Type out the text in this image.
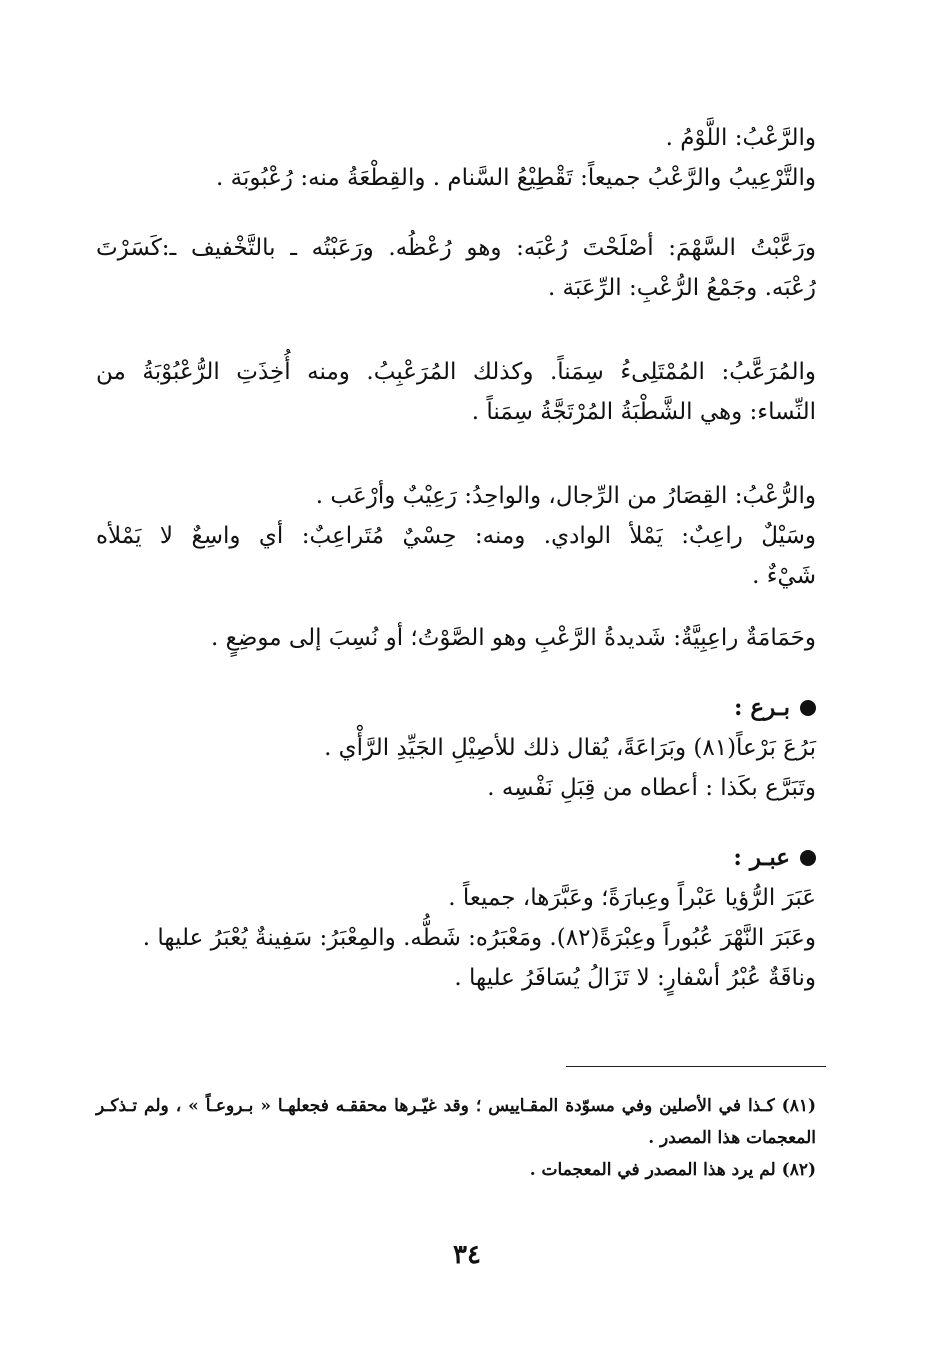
والرَّعْبُ: اللَّوْمُ .

والتَّرْعِيبُ والرَّعْبُ جميعاً: تَقْطِيْعُ السَّنام . والقِطْعَةُ منه: رُعْبُوبَة .

ورَعَّبْتُ السَّهْمَ: أصْلَحْتَ رُعْبَه: وهو رُعْظُه. ورَعَبْتُه ـ بالتَّخْفيف ـ:كَسَرْتَ

رُعْبَه. وجَمْعُ الرُّعْبِ: الرِّعَبَة .

والمُرَعَّبُ: المُمْتَلِىءُ سِمَناً. وكذلك المُرَعْبِبُ. ومنه أُخِذَتِ الرُّعْبُوْبَةُ من

النِّساء: وهي الشَّطْبَةُ المُرْتَجَّةُ سِمَناً .

والرُّعْبُ: القِصَارُ من الرِّجال، والواحِدُ: رَعِيْبٌ وأرْعَب .

وسَيْلٌ راعِبٌ: يَمْلأ الوادي. ومنه: حِسْيٌ مُتَراعِبٌ: أي واسِعٌ لا يَمْلأه

شَيْءٌ .

وحَمَامَةٌ راعِبِيَّةٌ: شَديدةُ الرَّعْبِ وهو الصَّوْتُ؛ أو نُسِبَ إلى موضِعٍ .

بـرع :

بَرُعَ بَرْعاً(٨١) وبَرَاعَةً، يُقال ذلك للأصِيْلِ الجَيِّدِ الرَّأْي .

وتَبَرَّع بكَذا : أعطاه من قِبَلِ نَفْسِه .

عبـر :

عَبَرَ الرُّؤيا عَبْراً وعِبارَةً؛ وعَبَّرَها، جميعاً .

وعَبَرَ النَّهْرَ عُبُوراً وعِبْرَةً(٨٢). ومَعْبَرُه: شَطُّه. والمِعْبَرُ: سَفِينةٌ يُعْبَرُ عليها .

وناقَةٌ عُبْرُ أسْفارٍ: لا تَزَالُ يُسَافَرُ عليها .

(٨١) كـذا في الأصلين وفي مسوّدة المقـاييس ؛ وقد غيّـرها محققـه فجعلهـا « بـروعـاً » ، ولم تـذكـر

المعجمات هذا المصدر .

(٨٢) لم يرد هذا المصدر في المعجمات .

٣٤
